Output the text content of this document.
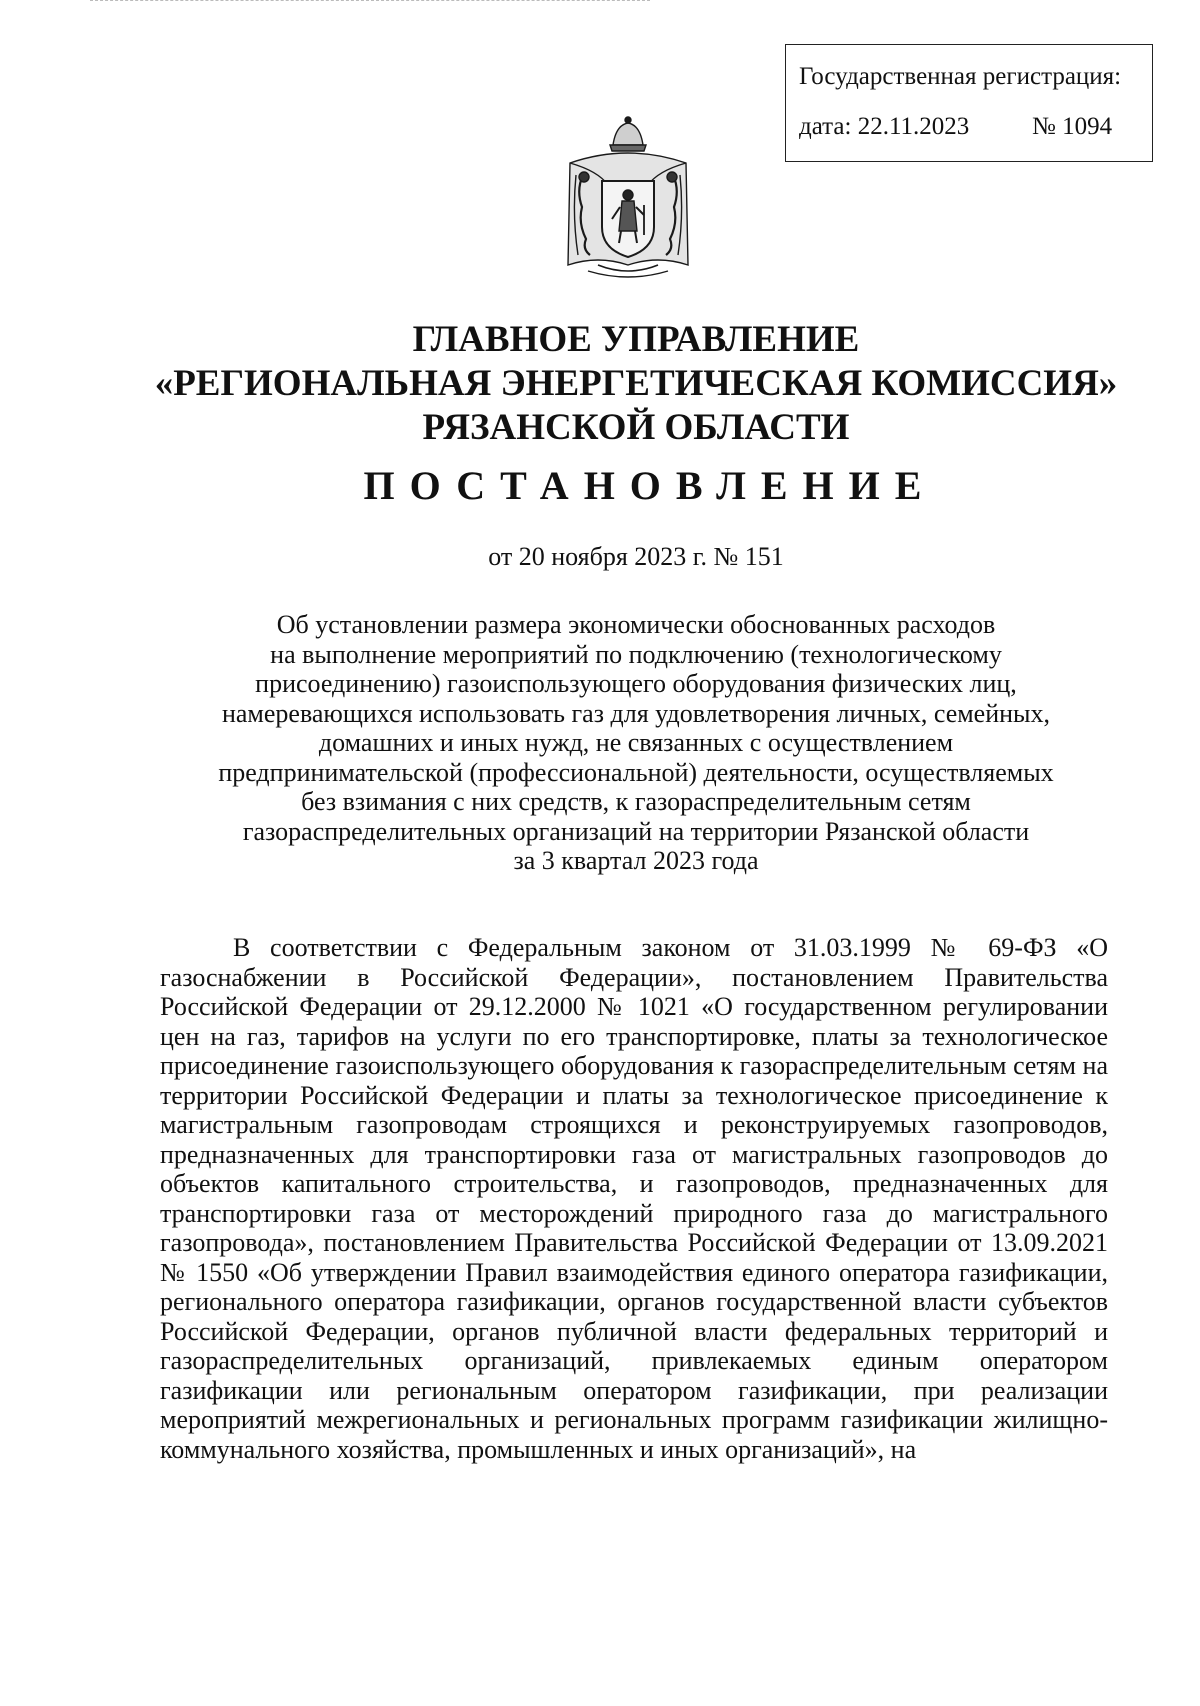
Государственная регистрация:
дата: 22.11.2023	№ 1094
ГЛАВНОЕ УПРАВЛЕНИЕ
«РЕГИОНАЛЬНАЯ ЭНЕРГЕТИЧЕСКАЯ КОМИССИЯ»
РЯЗАНСКОЙ ОБЛАСТИ
ПОСТАНОВЛЕНИЕ
от 20 ноября 2023 г. № 151
Об установлении размера экономически обоснованных расходов
на выполнение мероприятий по подключению (технологическому
присоединению) газоиспользующего оборудования физических лиц,
намеревающихся использовать газ для удовлетворения личных, семейных,
домашних и иных нужд, не связанных с осуществлением
предпринимательской (профессиональной) деятельности, осуществляемых
без взимания с них средств, к газораспределительным сетям
газораспределительных организаций на территории Рязанской области
за 3 квартал 2023 года
В соответствии с Федеральным законом от 31.03.1999 № 69-ФЗ «О газоснабжении в Российской Федерации», постановлением Правительства Российской Федерации от 29.12.2000 № 1021 «О государственном регулировании цен на газ, тарифов на услуги по его транспортировке, платы за технологическое присоединение газоиспользующего оборудования к газораспределительным сетям на территории Российской Федерации и платы за технологическое присоединение к магистральным газопроводам строящихся и реконструируемых газопроводов, предназначенных для транспортировки газа от магистральных газопроводов до объектов капитального строительства, и газопроводов, предназначенных для транспортировки газа от месторождений природного газа до магистрального газопровода», постановлением Правительства Российской Федерации от 13.09.2021 № 1550 «Об утверждении Правил взаимодействия единого оператора газификации, регионального оператора газификации, органов государственной власти субъектов Российской Федерации, органов публичной власти федеральных территорий и газораспределительных организаций, привлекаемых единым оператором газификации или региональным оператором газификации, при реализации мероприятий межрегиональных и региональных программ газификации жилищно-коммунального хозяйства, промышленных и иных организаций», на
